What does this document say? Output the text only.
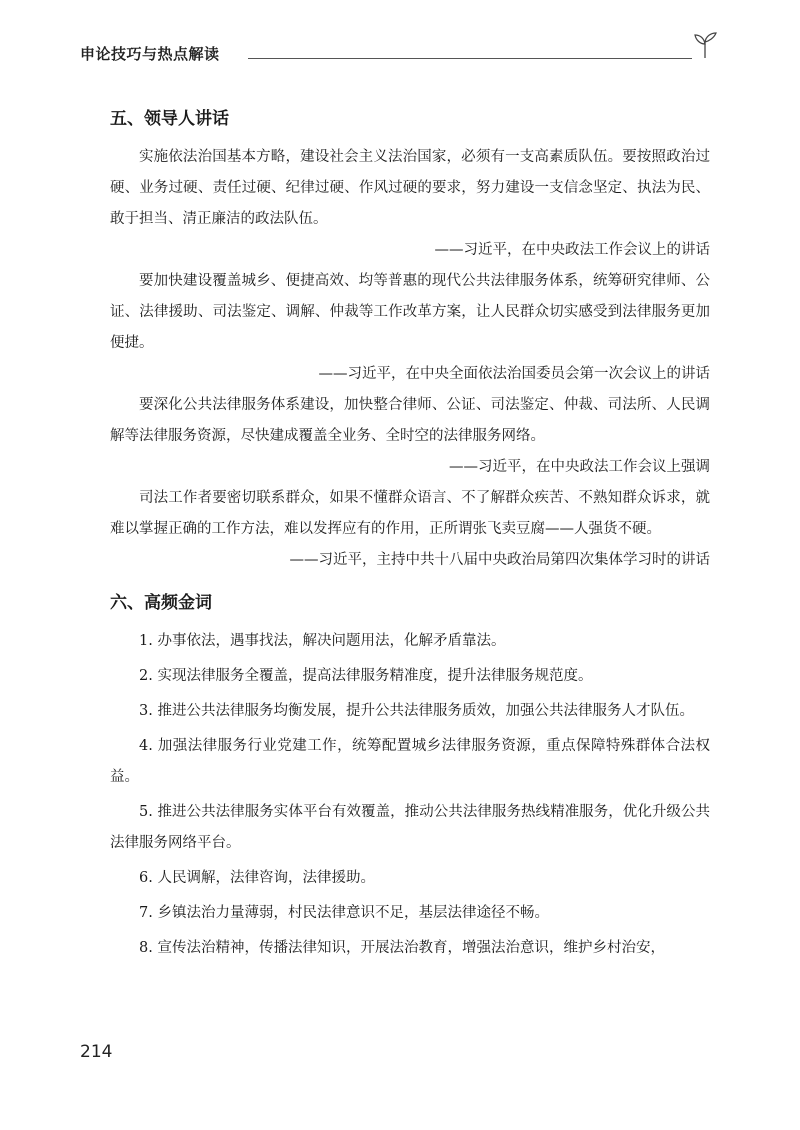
申论技巧与热点解读
五、领导人讲话

实施依法治国基本方略，建设社会主义法治国家，必须有一支高素质队伍。要按照政治过硬、业务过硬、责任过硬、纪律过硬、作风过硬的要求，努力建设一支信念坚定、执法为民、敢于担当、清正廉洁的政法队伍。

——习近平，在中央政法工作会议上的讲话

要加快建设覆盖城乡、便捷高效、均等普惠的现代公共法律服务体系，统筹研究律师、公证、法律援助、司法鉴定、调解、仲裁等工作改革方案，让人民群众切实感受到法律服务更加便捷。

——习近平，在中央全面依法治国委员会第一次会议上的讲话

要深化公共法律服务体系建设，加快整合律师、公证、司法鉴定、仲裁、司法所、人民调解等法律服务资源，尽快建成覆盖全业务、全时空的法律服务网络。

——习近平，在中央政法工作会议上强调

司法工作者要密切联系群众，如果不懂群众语言、不了解群众疾苦、不熟知群众诉求，就难以掌握正确的工作方法，难以发挥应有的作用，正所谓张飞卖豆腐——人强货不硬。

——习近平，主持中共十八届中央政治局第四次集体学习时的讲话

六、高频金词

1. 办事依法，遇事找法，解决问题用法，化解矛盾靠法。

2. 实现法律服务全覆盖，提高法律服务精准度，提升法律服务规范度。

3. 推进公共法律服务均衡发展，提升公共法律服务质效，加强公共法律服务人才队伍。

4. 加强法律服务行业党建工作，统筹配置城乡法律服务资源，重点保障特殊群体合法权益。

5. 推进公共法律服务实体平台有效覆盖，推动公共法律服务热线精准服务，优化升级公共法律服务网络平台。

6. 人民调解，法律咨询，法律援助。

7. 乡镇法治力量薄弱，村民法律意识不足，基层法律途径不畅。

8. 宣传法治精神，传播法律知识，开展法治教育，增强法治意识，维护乡村治安，

214
